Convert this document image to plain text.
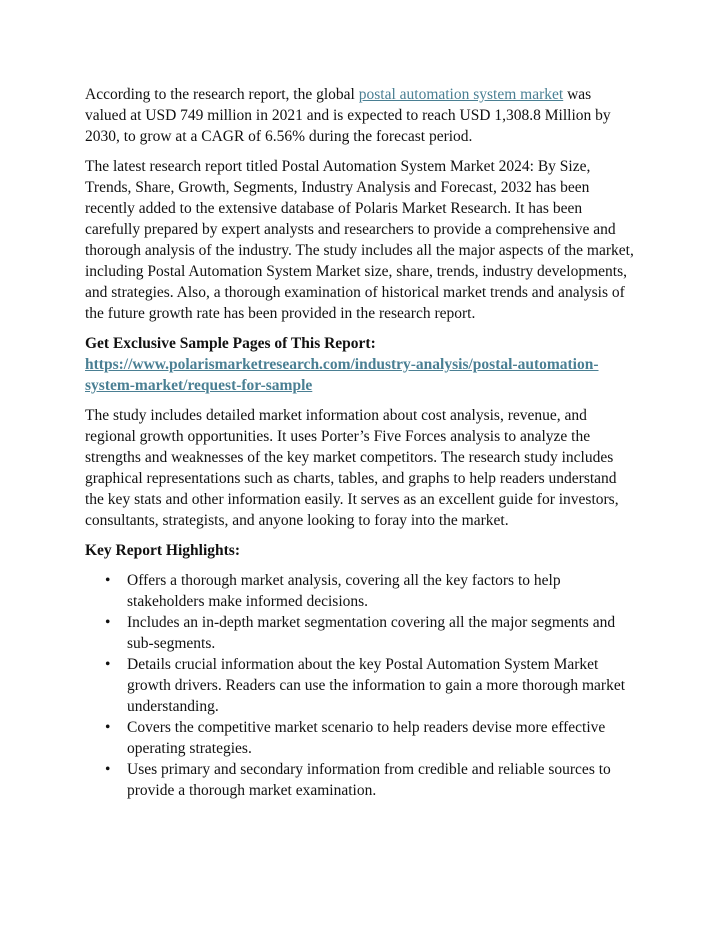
According to the research report, the global postal automation system market was valued at USD 749 million in 2021 and is expected to reach USD 1,308.8 Million by 2030, to grow at a CAGR of 6.56% during the forecast period.

The latest research report titled Postal Automation System Market 2024: By Size, Trends, Share, Growth, Segments, Industry Analysis and Forecast, 2032 has been recently added to the extensive database of Polaris Market Research. It has been carefully prepared by expert analysts and researchers to provide a comprehensive and thorough analysis of the industry. The study includes all the major aspects of the market, including Postal Automation System Market size, share, trends, industry developments, and strategies. Also, a thorough examination of historical market trends and analysis of the future growth rate has been provided in the research report.

Get Exclusive Sample Pages of This Report:
https://www.polarismarketresearch.com/industry-analysis/postal-automation-system-market/request-for-sample

The study includes detailed market information about cost analysis, revenue, and regional growth opportunities. It uses Porter’s Five Forces analysis to analyze the strengths and weaknesses of the key market competitors. The research study includes graphical representations such as charts, tables, and graphs to help readers understand the key stats and other information easily. It serves as an excellent guide for investors, consultants, strategists, and anyone looking to foray into the market.

Key Report Highlights:

• Offers a thorough market analysis, covering all the key factors to help stakeholders make informed decisions.
• Includes an in-depth market segmentation covering all the major segments and sub-segments.
• Details crucial information about the key Postal Automation System Market growth drivers. Readers can use the information to gain a more thorough market understanding.
• Covers the competitive market scenario to help readers devise more effective operating strategies.
• Uses primary and secondary information from credible and reliable sources to provide a thorough market examination.
